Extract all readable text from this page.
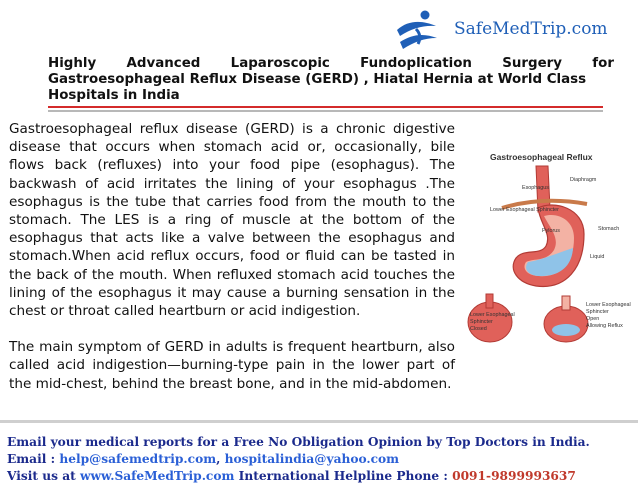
SafeMedTrip.com
Highly Advanced Laparoscopic Fundoplication Surgery for
Gastroesophageal Reflux Disease (GERD) , Hiatal Hernia at World Class
Hospitals in India

Gastroesophageal reflux disease (GERD) is a chronic digestive disease that occurs when stomach acid or, occasionally, bile flows back (refluxes) into your food pipe (esophagus). The backwash of acid irritates the lining of your esophagus .The esophagus is the tube that carries food from the mouth to the stomach. The LES is a ring of muscle at the bottom of the esophagus that acts like a valve between the esophagus and stomach.When acid reflux occurs, food or fluid can be tasted in the back of the mouth. When refluxed stomach acid touches the lining of the esophagus it may cause a burning sensation in the chest or throat called heartburn or acid indigestion.

The main symptom of GERD in adults is frequent heartburn, also called acid indigestion—burning-type pain in the lower part of the mid-chest, behind the breast bone, and in the mid-abdomen.

Gastroesophageal Reflux
Esophagus
Diaphragm
Lower Esophageal Sphincter
Stomach
Pylorus
Liquid
Lower Esophageal
Sphincter
Closed
Lower Esophageal
Sphincter
Open
Allowing Reflux
Email your medical reports for a Free No Obligation Opinion by Top Doctors in India.
Email : help@safemedtrip.com, hospitalindia@yahoo.com
Visit us at www.SafeMedTrip.com International Helpline Phone : 0091-9899993637
